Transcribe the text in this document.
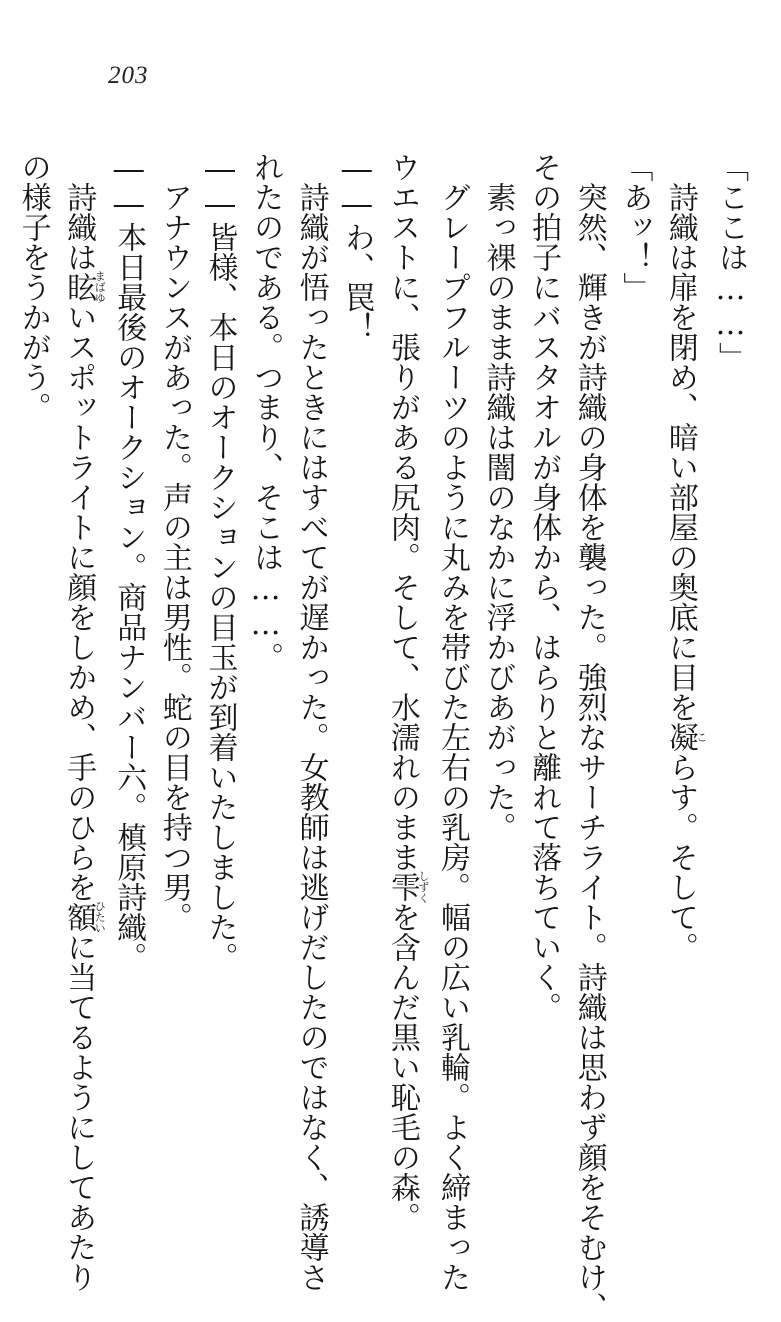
203
「ここは……」
詩織は扉を閉め、暗い部屋の奥底に目を凝こらす。そして。
「あッ！」
突然、輝きが詩織の身体を襲った。強烈なサーチライト。詩織は思わず顔をそむけ、
その拍子にバスタオルが身体から、はらりと離れて落ちていく。
素っ裸のまま詩織は闇のなかに浮かびあがった。
グレープフルーツのように丸みを帯びた左右の乳房。幅の広い乳輪。よく締まった
ウエストに、張りがある尻肉。そして、水濡れのまま雫しずくを含んだ黒い恥毛の森。
――わ、罠！
詩織が悟ったときにはすべてが遅かった。女教師は逃げだしたのではなく、誘導さ
れたのである。つまり、そこは……。
――皆様、本日のオークションの目玉が到着いたしました。
アナウンスがあった。声の主は男性。蛇の目を持つ男。
――本日最後のオークション。商品ナンバー六。槙原詩織。
詩織は眩まばゆいスポットライトに顔をしかめ、手のひらを額ひたいに当てるようにしてあたり
の様子をうかがう。
